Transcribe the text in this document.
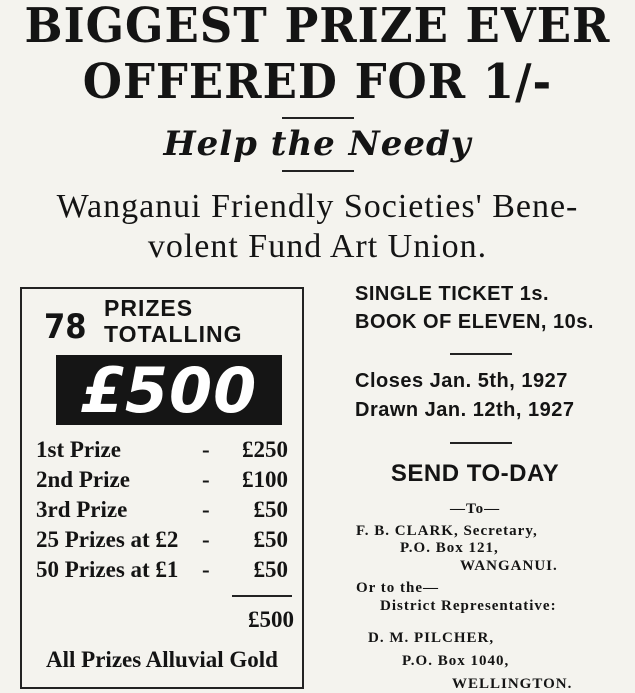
BIGGEST PRIZE EVER
OFFERED FOR 1/-
Help the Needy
Wanganui Friendly Societies' Bene-
volent Fund Art Union.
78 PRIZES
TOTALLING
£500
1st Prize	- £250
2nd Prize	- £100
3rd Prize	- £50
25 Prizes at £2 - £50
50 Prizes at £1 - £50
£500
All Prizes Alluvial Gold
SINGLE TICKET 1s.
BOOK OF ELEVEN, 10s.
Closes Jan. 5th, 1927
Drawn Jan. 12th, 1927
SEND TO-DAY
—To—
F. B. CLARK, Secretary,
P.O. Box 121,
WANGANUI.
Or to the—
District Representative:
D. M. PILCHER,
P.O. Box 1040,
WELLINGTON.
